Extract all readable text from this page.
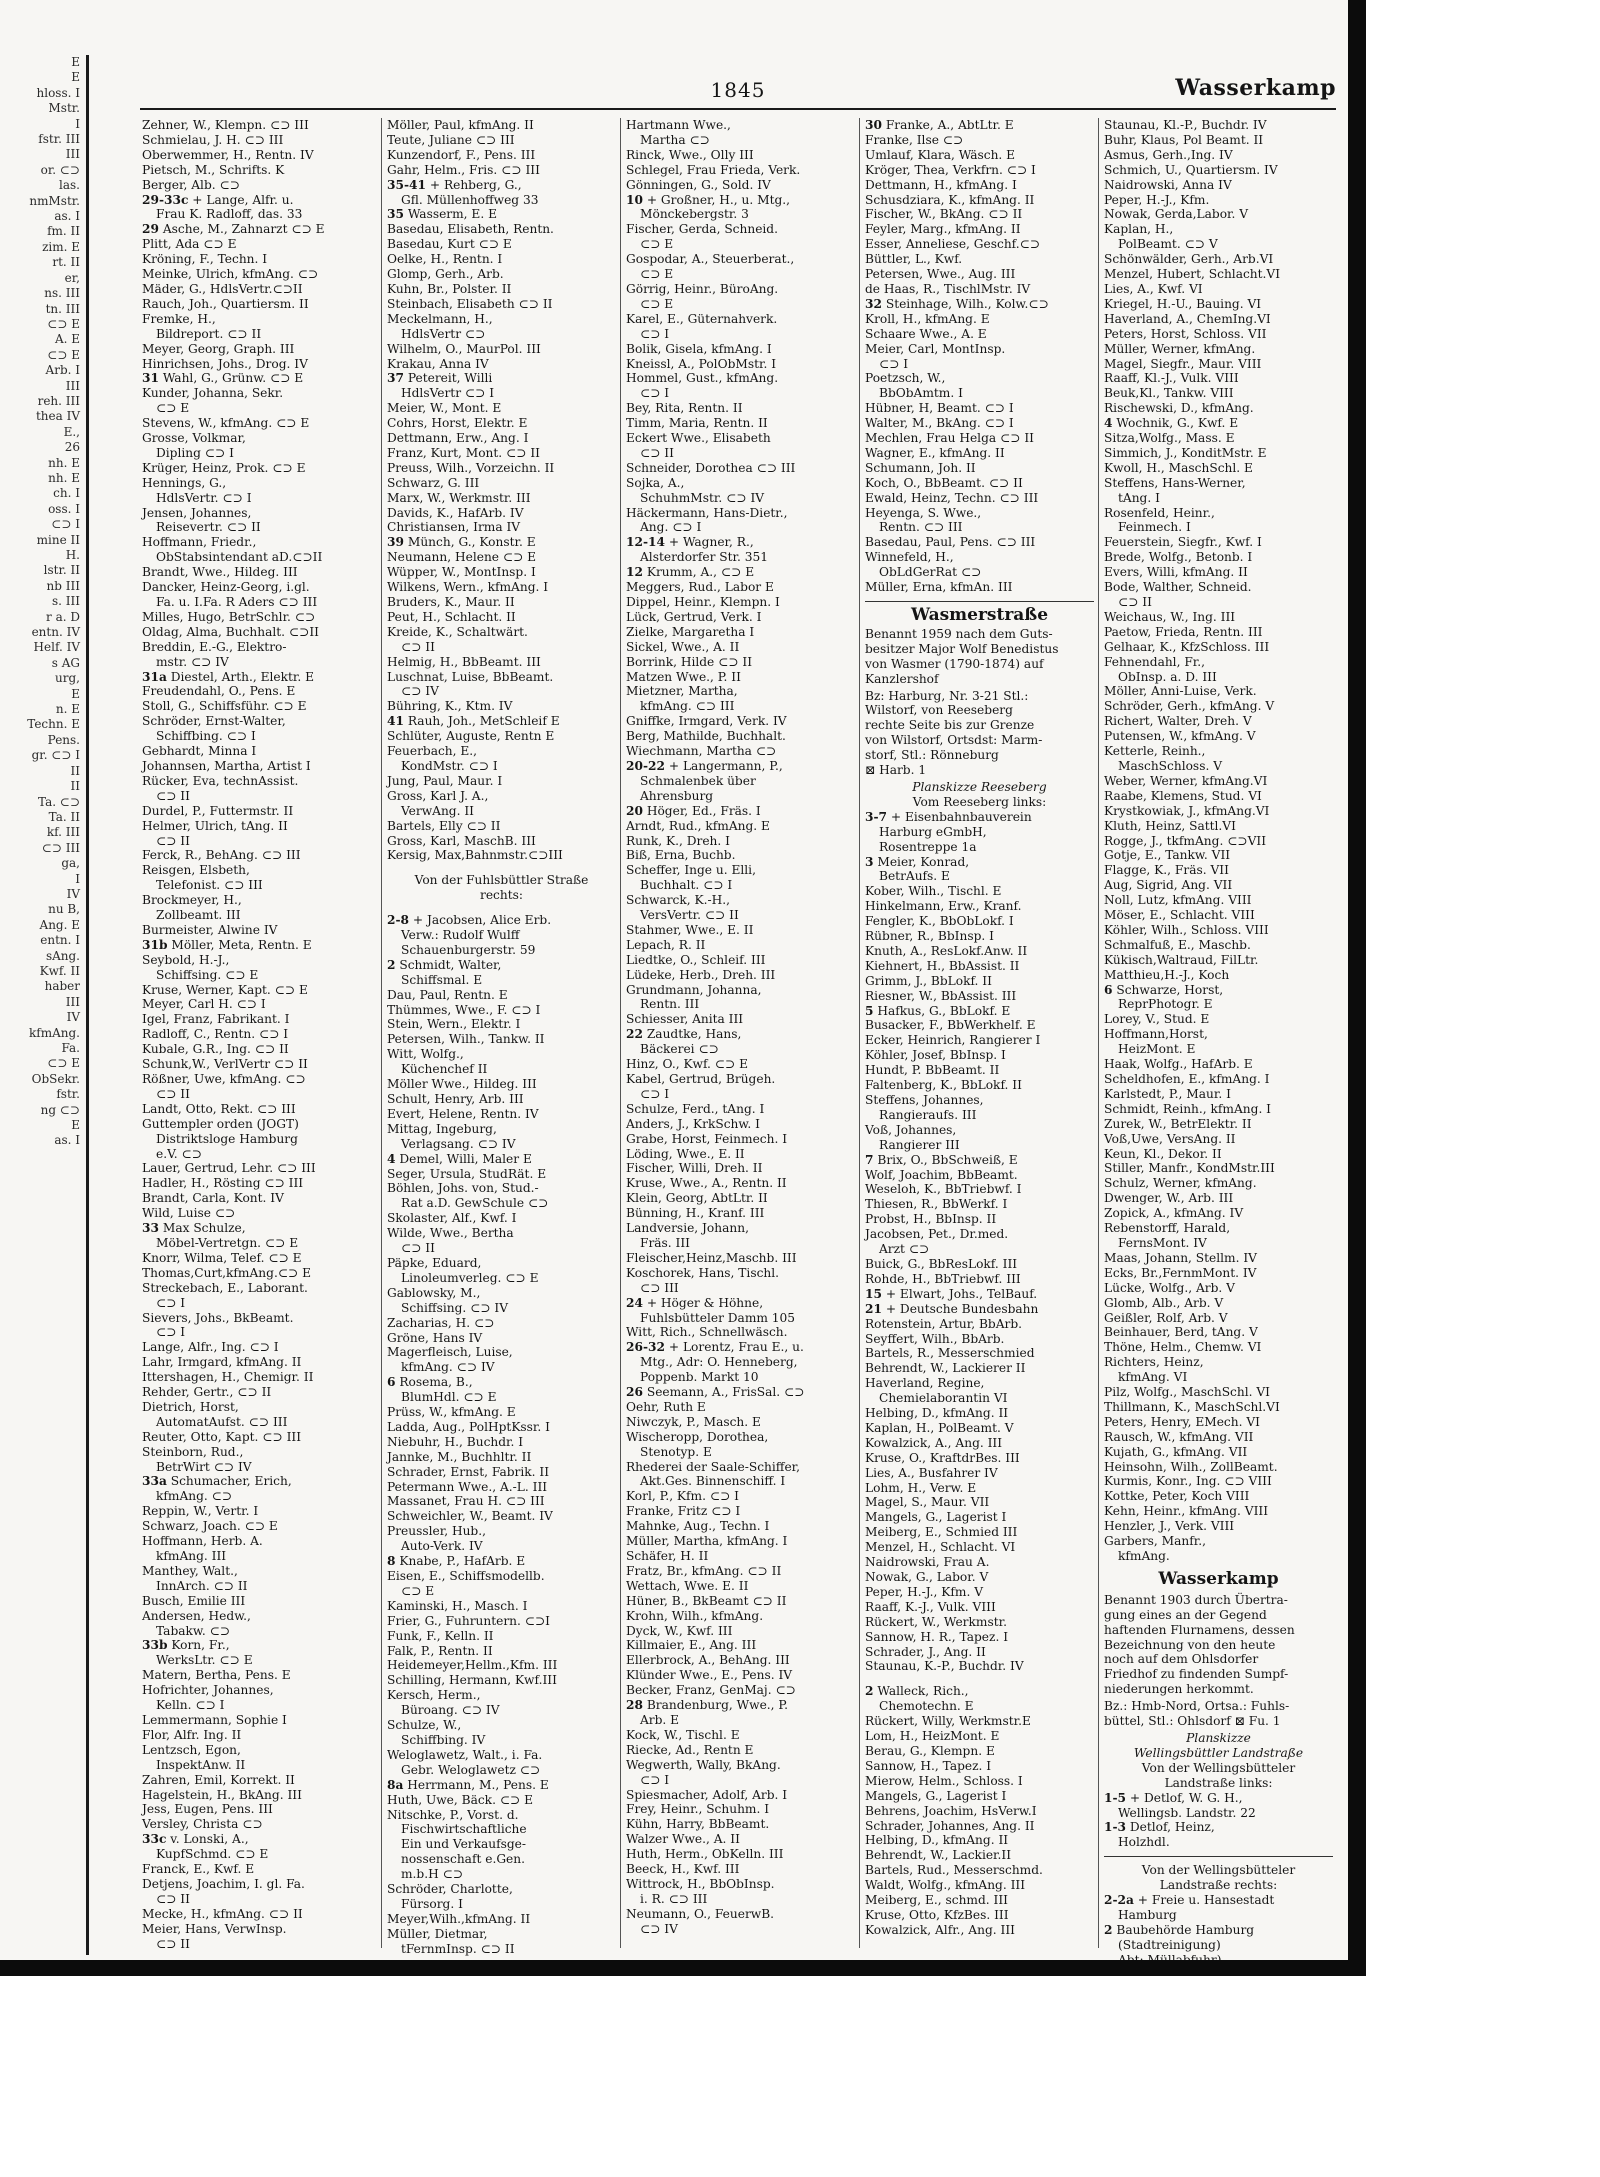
E
E
hloss. I
Mstr.
I
fstr. III
III
or. ⊂⊃
las.
nmMstr.
as. I
fm. II
zim. E
rt. II
er,
ns. III
tn. III
⊂⊃ E
A. E
⊂⊃ E
Arb. I
III
reh. III
thea IV
E.,
26
nh. E
nh. E
ch. I
oss. I
⊂⊃ I
mine II
H.
lstr. II
nb III
s. III
r a. D
entn. IV
Helf. IV
s AG
urg,
E
n. E
Techn. E
Pens.
gr. ⊂⊃ I
II
II
Ta. ⊂⊃
Ta. II
kf. III
⊂⊃ III
ga,
I
IV
nu B,
Ang. E
entn. I
sAng.
Kwf. II
haber
III
IV
kfmAng.
Fa.
⊂⊃ E
ObSekr.
fstr.
ng ⊂⊃
E
as. I
1845	Wasserkamp
Zehner, W., Klempn. ⊂⊃ III
Schmielau, J. H. ⊂⊃ III
Oberwemmer, H., Rentn. IV
Pietsch, M., Schrifts. K
Berger, Alb. ⊂⊃
29-33c + Lange, Alfr. u.
Frau K. Radloff, das. 33
29 Asche, M., Zahnarzt ⊂⊃ E
Plitt, Ada ⊂⊃ E
Kröning, F., Techn. I
Meinke, Ulrich, kfmAng. ⊂⊃
Mäder, G., HdlsVertr.⊂⊃II
Rauch, Joh., Quartiersm. II
Fremke, H.,
Bildreport. ⊂⊃ II
Meyer, Georg, Graph. III
Hinrichsen, Johs., Drog. IV
31 Wahl, G., Grünw. ⊂⊃ E
Kunder, Johanna, Sekr.
⊂⊃ E
Stevens, W., kfmAng. ⊂⊃ E
Grosse, Volkmar,
Dipling ⊂⊃ I
Krüger, Heinz, Prok. ⊂⊃ E
Hennings, G.,
HdlsVertr. ⊂⊃ I
Jensen, Johannes,
Reisevertr. ⊂⊃ II
Hoffmann, Friedr.,
ObStabsintendant aD.⊂⊃II
Brandt, Wwe., Hildeg. III
Dancker, Heinz-Georg, i.gl.
Fa. u. I.Fa. R Aders ⊂⊃ III
Milles, Hugo, BetrSchlr. ⊂⊃
Oldag, Alma, Buchhalt. ⊂⊃II
Breddin, E.-G., Elektro-
mstr. ⊂⊃ IV
31a Diestel, Arth., Elektr. E
Freudendahl, O., Pens. E
Stoll, G., Schiffsführ. ⊂⊃ E
Schröder, Ernst-Walter,
Schiffbing. ⊂⊃ I
Gebhardt, Minna I
Johannsen, Martha, Artist I
Rücker, Eva, technAssist.
⊂⊃ II
Durdel, P., Futtermstr. II
Helmer, Ulrich, tAng. II
⊂⊃ II
Ferck, R., BehAng. ⊂⊃ III
Reisgen, Elsbeth,
Telefonist. ⊂⊃ III
Brockmeyer, H.,
Zollbeamt. III
Burmeister, Alwine IV
31b Möller, Meta, Rentn. E
Seybold, H.-J.,
Schiffsing. ⊂⊃ E
Kruse, Werner, Kapt. ⊂⊃ E
Meyer, Carl H. ⊂⊃ I
Igel, Franz, Fabrikant. I
Radloff, C., Rentn. ⊂⊃ I
Kubale, G.R., Ing. ⊂⊃ II
Schunk,W., VerlVertr ⊂⊃ II
Rößner, Uwe, kfmAng. ⊂⊃
⊂⊃ II
Landt, Otto, Rekt. ⊂⊃ III
Guttempler orden (JOGT)
Distriktsloge Hamburg
e.V. ⊂⊃
Lauer, Gertrud, Lehr. ⊂⊃ III
Hadler, H., Rösting ⊂⊃ III
Brandt, Carla, Kont. IV
Wild, Luise ⊂⊃
33 Max Schulze,
Möbel-Vertretgn. ⊂⊃ E
Knorr, Wilma, Telef. ⊂⊃ E
Thomas,Curt,kfmAng.⊂⊃ E
Streckebach, E., Laborant.
⊂⊃ I
Sievers, Johs., BkBeamt.
⊂⊃ I
Lange, Alfr., Ing. ⊂⊃ I
Lahr, Irmgard, kfmAng. II
Ittershagen, H., Chemigr. II
Rehder, Gertr., ⊂⊃ II
Dietrich, Horst,
AutomatAufst. ⊂⊃ III
Reuter, Otto, Kapt. ⊂⊃ III
Steinborn, Rud.,
BetrWirt ⊂⊃ IV
33a Schumacher, Erich,
kfmAng. ⊂⊃
Reppin, W., Vertr. I
Schwarz, Joach. ⊂⊃ E
Hoffmann, Herb. A.
kfmAng. III
Manthey, Walt.,
InnArch. ⊂⊃ II
Busch, Emilie III
Andersen, Hedw.,
Tabakw. ⊂⊃
33b Korn, Fr.,
WerksLtr. ⊂⊃ E
Matern, Bertha, Pens. E
Hofrichter, Johannes,
Kelln. ⊂⊃ I
Lemmermann, Sophie I
Flor, Alfr. Ing. II
Lentzsch, Egon,
InspektAnw. II
Zahren, Emil, Korrekt. II
Hagelstein, H., BkAng. III
Jess, Eugen, Pens. III
Versley, Christa ⊂⊃
33c v. Lonski, A.,
KupfSchmd. ⊂⊃ E
Franck, E., Kwf. E
Detjens, Joachim, I. gl. Fa.
⊂⊃ II
Mecke, H., kfmAng. ⊂⊃ II
Meier, Hans, VerwInsp.
⊂⊃ II
Möller, Paul, kfmAng. II
Teute, Juliane ⊂⊃ III
Kunzendorf, F., Pens. III
Gahr, Helm., Fris. ⊂⊃ III
35-41 + Rehberg, G.,
Gfl. Müllenhoffweg 33
35 Wasserm, E. E
Basedau, Elisabeth, Rentn.
Basedau, Kurt ⊂⊃ E
Oelke, H., Rentn. I
Glomp, Gerh., Arb.
Kuhn, Br., Polster. II
Steinbach, Elisabeth ⊂⊃ II
Meckelmann, H.,
HdlsVertr ⊂⊃
Wilhelm, O., MaurPol. III
Krakau, Anna IV
37 Petereit, Willi
HdlsVertr ⊂⊃ I
Meier, W., Mont. E
Cohrs, Horst, Elektr. E
Dettmann, Erw., Ang. I
Franz, Kurt, Mont. ⊂⊃ II
Preuss, Wilh., Vorzeichn. II
Schwarz, G. III
Marx, W., Werkmstr. III
Davids, K., HafArb. IV
Christiansen, Irma IV
39 Münch, G., Konstr. E
Neumann, Helene ⊂⊃ E
Wüpper, W., MontInsp. I
Wilkens, Wern., kfmAng. I
Bruders, K., Maur. II
Peut, H., Schlacht. II
Kreide, K., Schaltwärt.
⊂⊃ II
Helmig, H., BbBeamt. III
Luschnat, Luise, BbBeamt.
⊂⊃ IV
Bühring, K., Ktm. IV
41 Rauh, Joh., MetSchleif E
Schlüter, Auguste, Rentn E
Feuerbach, E.,
KondMstr. ⊂⊃ I
Jung, Paul, Maur. I
Gross, Karl J. A.,
VerwAng. II
Bartels, Elly ⊂⊃ II
Gross, Karl, MaschB. III
Kersig, Max,Bahnmstr.⊂⊃III
Von der Fuhlsbüttler Straße
rechts:
2-8 + Jacobsen, Alice Erb.
Verw.: Rudolf Wulff
Schauenburgerstr. 59
2 Schmidt, Walter,
Schiffsmal. E
Dau, Paul, Rentn. E
Thümmes, Wwe., F. ⊂⊃ I
Stein, Wern., Elektr. I
Petersen, Wilh., Tankw. II
Witt, Wolfg.,
Küchenchef II
Möller Wwe., Hildeg. III
Schult, Henry, Arb. III
Evert, Helene, Rentn. IV
Mittag, Ingeburg,
Verlagsang. ⊂⊃ IV
4 Demel, Willi, Maler E
Seger, Ursula, StudRät. E
Böhlen, Johs. von, Stud.-
Rat a.D. GewSchule ⊂⊃
Skolaster, Alf., Kwf. I
Wilde, Wwe., Bertha
⊂⊃ II
Päpke, Eduard,
Linoleumverleg. ⊂⊃ E
Gablowsky, M.,
Schiffsing. ⊂⊃ IV
Zacharias, H. ⊂⊃
Gröne, Hans IV
Magerfleisch, Luise,
kfmAng. ⊂⊃ IV
6 Rosema, B.,
BlumHdl. ⊂⊃ E
Prüss, W., kfmAng. E
Ladda, Aug., PolHptKssr. I
Niebuhr, H., Buchdr. I
Jannke, M., Buchhltr. II
Schrader, Ernst, Fabrik. II
Petermann Wwe., A.-L. III
Massanet, Frau H. ⊂⊃ III
Schweichler, W., Beamt. IV
Preussler, Hub.,
Auto-Verk. IV
8 Knabe, P., HafArb. E
Eisen, E., Schiffsmodellb.
⊂⊃ E
Kaminski, H., Masch. I
Frier, G., Fuhruntern. ⊂⊃I
Funk, F., Kelln. II
Falk, P., Rentn. II
Heidemeyer,Hellm.,Kfm. III
Schilling, Hermann, Kwf.III
Kersch, Herm.,
Büroang. ⊂⊃ IV
Schulze, W.,
Schiffbing. IV
Weloglawetz, Walt., i. Fa.
Gebr. Weloglawetz ⊂⊃
8a Herrmann, M., Pens. E
Huth, Uwe, Bäck. ⊂⊃ E
Nitschke, P., Vorst. d.
Fischwirtschaftliche
Ein und Verkaufsge-
nossenschaft e.Gen.
m.b.H ⊂⊃
Schröder, Charlotte,
Fürsorg. I
Meyer,Wilh.,kfmAng. II
Müller, Dietmar,
tFernmInsp. ⊂⊃ II
Hartmann Wwe.,
Martha ⊂⊃
Rinck, Wwe., Olly III
Schlegel, Frau Frieda, Verk.
Gönningen, G., Sold. IV
10 + Großner, H., u. Mtg.,
Mönckebergstr. 3
Fischer, Gerda, Schneid.
⊂⊃ E
Gospodar, A., Steuerberat.,
⊂⊃ E
Görrig, Heinr., BüroAng.
⊂⊃ E
Karel, E., Güternahverk.
⊂⊃ I
Bolik, Gisela, kfmAng. I
Kneissl, A., PolObMstr. I
Hommel, Gust., kfmAng.
⊂⊃ I
Bey, Rita, Rentn. II
Timm, Maria, Rentn. II
Eckert Wwe., Elisabeth
⊂⊃ II
Schneider, Dorothea ⊂⊃ III
Sojka, A.,
SchuhmMstr. ⊂⊃ IV
Häckermann, Hans-Dietr.,
Ang. ⊂⊃ I
12-14 + Wagner, R.,
Alsterdorfer Str. 351
12 Krumm, A., ⊂⊃ E
Meggers, Rud., Labor E
Dippel, Heinr., Klempn. I
Lück, Gertrud, Verk. I
Zielke, Margaretha I
Sickel, Wwe., A. II
Borrink, Hilde ⊂⊃ II
Matzen Wwe., P. II
Mietzner, Martha,
kfmAng. ⊂⊃ III
Gniffke, Irmgard, Verk. IV
Berg, Mathilde, Buchhalt.
Wiechmann, Martha ⊂⊃
20-22 + Langermann, P.,
Schmalenbek über
Ahrensburg
20 Höger, Ed., Fräs. I
Arndt, Rud., kfmAng. E
Runk, K., Dreh. I
Biß, Erna, Buchb.
Scheffer, Inge u. Elli,
Buchhalt. ⊂⊃ I
Schwarck, K.-H.,
VersVertr. ⊂⊃ II
Stahmer, Wwe., E. II
Lepach, R. II
Liedtke, O., Schleif. III
Lüdeke, Herb., Dreh. III
Grundmann, Johanna,
Rentn. III
Schiesser, Anita III
22 Zaudtke, Hans,
Bäckerei ⊂⊃
Hinz, O., Kwf. ⊂⊃ E
Kabel, Gertrud, Brügeh.
⊂⊃ I
Schulze, Ferd., tAng. I
Anders, J., KrkSchw. I
Grabe, Horst, Feinmech. I
Löding, Wwe., E. II
Fischer, Willi, Dreh. II
Kruse, Wwe., A., Rentn. II
Klein, Georg, AbtLtr. II
Bünning, H., Kranf. III
Landversie, Johann,
Fräs. III
Fleischer,Heinz,Maschb. III
Koschorek, Hans, Tischl.
⊂⊃ III
24 + Höger & Höhne,
Fuhlsbütteler Damm 105
Witt, Rich., Schnellwäsch.
26-32 + Lorentz, Frau E., u.
Mtg., Adr: O. Henneberg,
Poppenb. Markt 10
26 Seemann, A., FrisSal. ⊂⊃
Oehr, Ruth E
Niwczyk, P., Masch. E
Wischeropp, Dorothea,
Stenotyp. E
Rhederei der Saale-Schiffer,
Akt.Ges. Binnenschiff. I
Korl, P., Kfm. ⊂⊃ I
Franke, Fritz ⊂⊃ I
Mahnke, Aug., Techn. I
Müller, Martha, kfmAng. I
Schäfer, H. II
Fratz, Br., kfmAng. ⊂⊃ II
Wettach, Wwe. E. II
Hüner, B., BkBeamt ⊂⊃ II
Krohn, Wilh., kfmAng.
Dyck, W., Kwf. III
Killmaier, E., Ang. III
Ellerbrock, A., BehAng. III
Klünder Wwe., E., Pens. IV
Becker, Franz, GenMaj. ⊂⊃
28 Brandenburg, Wwe., P.
Arb. E
Kock, W., Tischl. E
Riecke, Ad., Rentn E
Wegwerth, Wally, BkAng.
⊂⊃ I
Spiesmacher, Adolf, Arb. I
Frey, Heinr., Schuhm. I
Kühn, Harry, BbBeamt.
Walzer Wwe., A. II
Huth, Herm., ObKelln. III
Beeck, H., Kwf. III
Wittrock, H., BbObInsp.
i. R. ⊂⊃ III
Neumann, O., FeuerwB.
⊂⊃ IV
30 Franke, A., AbtLtr. E
Franke, Ilse ⊂⊃
Umlauf, Klara, Wäsch. E
Kröger, Thea, Verkfrn. ⊂⊃ I
Dettmann, H., kfmAng. I
Schusdziara, K., kfmAng. II
Fischer, W., BkAng. ⊂⊃ II
Feyler, Marg., kfmAng. II
Esser, Anneliese, Geschf.⊂⊃
Büttler, L., Kwf.
Petersen, Wwe., Aug. III
de Haas, R., TischlMstr. IV
32 Steinhage, Wilh., Kolw.⊂⊃
Kroll, H., kfmAng. E
Schaare Wwe., A. E
Meier, Carl, MontInsp.
⊂⊃ I
Poetzsch, W.,
BbObAmtm. I
Hübner, H, Beamt. ⊂⊃ I
Walter, M., BkAng. ⊂⊃ I
Mechlen, Frau Helga ⊂⊃ II
Wagner, E., kfmAng. II
Schumann, Joh. II
Koch, O., BbBeamt. ⊂⊃ II
Ewald, Heinz, Techn. ⊂⊃ III
Heyenga, S. Wwe.,
Rentn. ⊂⊃ III
Basedau, Paul, Pens. ⊂⊃ III
Winnefeld, H.,
ObLdGerRat ⊂⊃
Müller, Erna, kfmAn. III
Wasmerstraße
Benannt 1959 nach dem Guts-
besitzer Major Wolf Benedistus
von Wasmer (1790-1874) auf
Kanzlershof
Bz: Harburg, Nr. 3-21 Stl.:
Wilstorf, von Reeseberg
rechte Seite bis zur Grenze
von Wilstorf, Ortsdst: Marm-
storf, Stl.: Rönneburg
⊠ Harb. 1
Planskizze Reeseberg
Vom Reeseberg links:
3-7 + Eisenbahnbauverein
Harburg eGmbH,
Rosentreppe 1a
3 Meier, Konrad,
BetrAufs. E
Kober, Wilh., Tischl. E
Hinkelmann, Erw., Kranf.
Fengler, K., BbObLokf. I
Rübner, R., BbInsp. I
Knuth, A., ResLokf.Anw. II
Kiehnert, H., BbAssist. II
Grimm, J., BbLokf. II
Riesner, W., BbAssist. III
5 Hafkus, G., BbLokf. E
Busacker, F., BbWerkhelf. E
Ecker, Heinrich, Rangierer I
Köhler, Josef, BbInsp. I
Hundt, P. BbBeamt. II
Faltenberg, K., BbLokf. II
Steffens, Johannes,
Rangieraufs. III
Voß, Johannes,
Rangierer III
7 Brix, O., BbSchweiß, E
Wolf, Joachim, BbBeamt.
Weseloh, K., BbTriebwf. I
Thiesen, R., BbWerkf. I
Probst, H., BbInsp. II
Jacobsen, Pet., Dr.med.
Arzt ⊂⊃
Buick, G., BbResLokf. III
Rohde, H., BbTriebwf. III
15 + Elwart, Johs., TelBauf.
21 + Deutsche Bundesbahn
Rotenstein, Artur, BbArb.
Seyffert, Wilh., BbArb.
Bartels, R., Messerschmied
Behrendt, W., Lackierer II
Haverland, Regine,
Chemielaborantin VI
Helbing, D., kfmAng. II
Kaplan, H., PolBeamt. V
Kowalzick, A., Ang. III
Kruse, O., KraftdrBes. III
Lies, A., Busfahrer IV
Lohm, H., Verw. E
Magel, S., Maur. VII
Mangels, G., Lagerist I
Meiberg, E., Schmied III
Menzel, H., Schlacht. VI
Naidrowski, Frau A.
Nowak, G., Labor. V
Peper, H.-J., Kfm. V
Raaff, K.-J., Vulk. VIII
Rückert, W., Werkmstr.
Sannow, H. R., Tapez. I
Schrader, J., Ang. II
Staunau, K.-P., Buchdr. IV
2 Walleck, Rich.,
Chemotechn. E
Rückert, Willy, Werkmstr.E
Lom, H., HeizMont. E
Berau, G., Klempn. E
Sannow, H., Tapez. I
Mierow, Helm., Schloss. I
Mangels, G., Lagerist I
Behrens, Joachim, HsVerw.I
Schrader, Johannes, Ang. II
Helbing, D., kfmAng. II
Behrendt, W., Lackier.II
Bartels, Rud., Messerschmd.
Waldt, Wolfg., kfmAng. III
Meiberg, E., schmd. III
Kruse, Otto, KfzBes. III
Kowalzick, Alfr., Ang. III
Staunau, Kl.-P., Buchdr. IV
Buhr, Klaus, Pol Beamt. II
Asmus, Gerh.,Ing. IV
Schmich, U., Quartiersm. IV
Naidrowski, Anna IV
Peper, H.-J., Kfm.
Nowak, Gerda,Labor. V
Kaplan, H.,
PolBeamt. ⊂⊃ V
Schönwälder, Gerh., Arb.VI
Menzel, Hubert, Schlacht.VI
Lies, A., Kwf. VI
Kriegel, H.-U., Bauing. VI
Haverland, A., ChemIng.VI
Peters, Horst, Schloss. VII
Müller, Werner, kfmAng.
Magel, Siegfr., Maur. VIII
Raaff, Kl.-J., Vulk. VIII
Beuk,Kl., Tankw. VIII
Rischewski, D., kfmAng.
4 Wochnik, G., Kwf. E
Sitza,Wolfg., Mass. E
Simmich, J., KonditMstr. E
Kwoll, H., MaschSchl. E
Steffens, Hans-Werner,
tAng. I
Rosenfeld, Heinr.,
Feinmech. I
Feuerstein, Siegfr., Kwf. I
Brede, Wolfg., Betonb. I
Evers, Willi, kfmAng. II
Bode, Walther, Schneid.
⊂⊃ II
Weichaus, W., Ing. III
Paetow, Frieda, Rentn. III
Gelhaar, K., KfzSchloss. III
Fehnendahl, Fr.,
ObInsp. a. D. III
Möller, Anni-Luise, Verk.
Schröder, Gerh., kfmAng. V
Richert, Walter, Dreh. V
Putensen, W., kfmAng. V
Ketterle, Reinh.,
MaschSchloss. V
Weber, Werner, kfmAng.VI
Raabe, Klemens, Stud. VI
Krystkowiak, J., kfmAng.VI
Kluth, Heinz, Sattl.VI
Rogge, J., tkfmAng. ⊂⊃VII
Gotje, E., Tankw. VII
Flagge, K., Fräs. VII
Aug, Sigrid, Ang. VII
Noll, Lutz, kfmAng. VIII
Möser, E., Schlacht. VIII
Köhler, Wilh., Schloss. VIII
Schmalfuß, E., Maschb.
Kükisch,Waltraud, FilLtr.
Matthieu,H.-J., Koch
6 Schwarze, Horst,
ReprPhotogr. E
Lorey, V., Stud. E
Hoffmann,Horst,
HeizMont. E
Haak, Wolfg., HafArb. E
Scheldhofen, E., kfmAng. I
Karlstedt, P., Maur. I
Schmidt, Reinh., kfmAng. I
Zurek, W., BetrElektr. II
Voß,Uwe, VersAng. II
Keun, Kl., Dekor. II
Stiller, Manfr., KondMstr.III
Schulz, Werner, kfmAng.
Dwenger, W., Arb. III
Zopick, A., kfmAng. IV
Rebenstorff, Harald,
FernsMont. IV
Maas, Johann, Stellm. IV
Ecks, Br.,FernmMont. IV
Lücke, Wolfg., Arb. V
Glomb, Alb., Arb. V
Geißler, Rolf, Arb. V
Beinhauer, Berd, tAng. V
Thöne, Helm., Chemw. VI
Richters, Heinz,
kfmAng. VI
Pilz, Wolfg., MaschSchl. VI
Thillmann, K., MaschSchl.VI
Peters, Henry, EMech. VI
Rausch, W., kfmAng. VII
Kujath, G., kfmAng. VII
Heinsohn, Wilh., ZollBeamt.
Kurmis, Konr., Ing. ⊂⊃ VIII
Kottke, Peter, Koch VIII
Kehn, Heinr., kfmAng. VIII
Henzler, J., Verk. VIII
Garbers, Manfr.,
kfmAng.
Wasserkamp
Benannt 1903 durch Übertra-
gung eines an der Gegend
haftenden Flurnamens, dessen
Bezeichnung von den heute
noch auf dem Ohlsdorfer
Friedhof zu findenden Sumpf-
niederungen herkommt.
Bz.: Hmb-Nord, Ortsa.: Fuhls-
büttel, Stl.: Ohlsdorf ⊠ Fu. 1
Planskizze
Wellingsbüttler Landstraße
Von der Wellingsbütteler
Landstraße links:
1-5 + Detlof, W. G. H.,
Wellingsb. Landstr. 22
1-3 Detlof, Heinz,
Holzhdl.
Von der Wellingsbütteler
Landstraße rechts:
2-2a + Freie u. Hansestadt
Hamburg
2 Baubehörde Hamburg
(Stadtreinigung)
